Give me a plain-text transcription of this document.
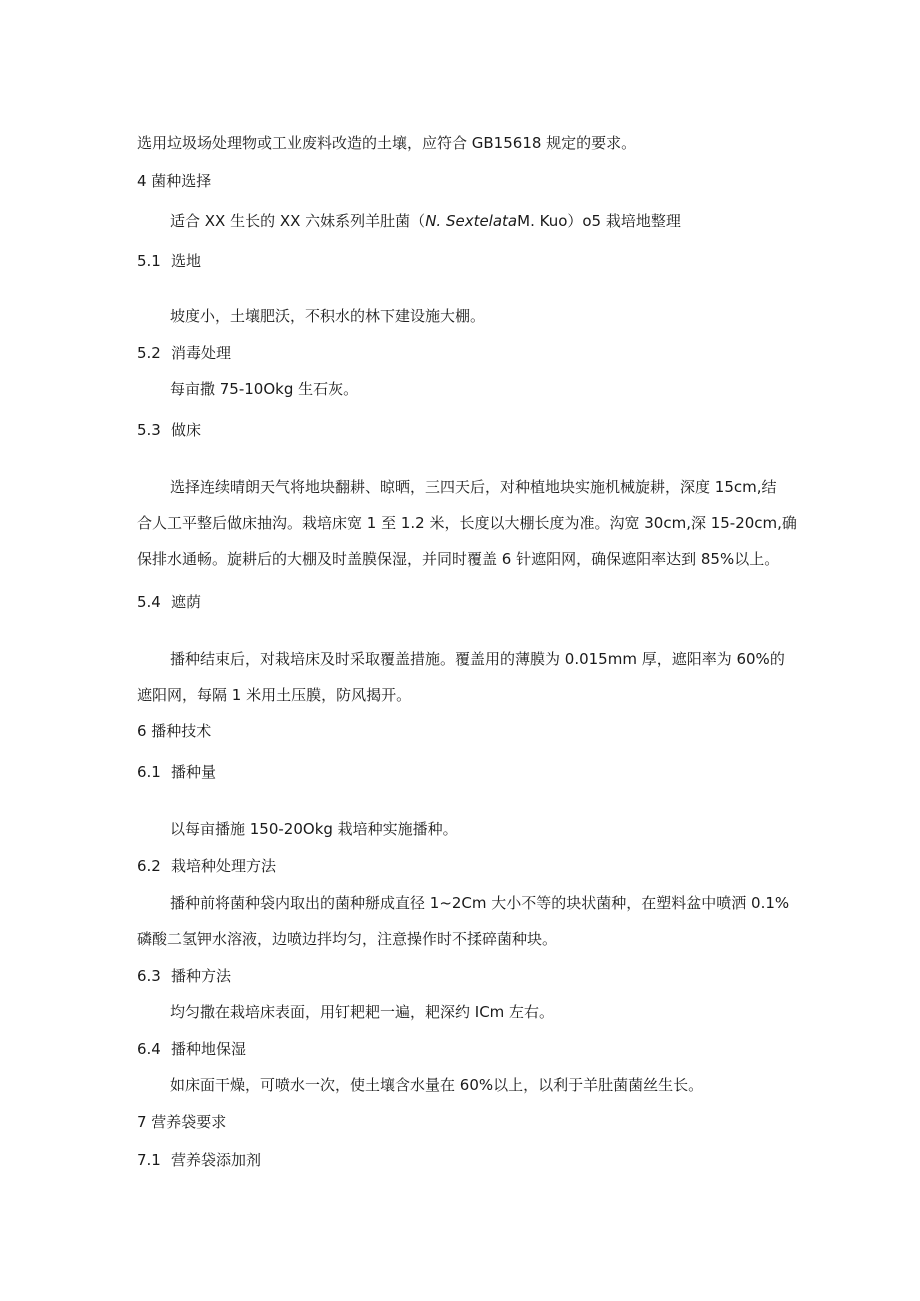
选用垃圾场处理物或工业废料改造的土壤，应符合 GB15618 规定的要求。
4 菌种选择
适合 XX 生长的 XX 六妹系列羊肚菌（N. SextelataM. Kuo）o5 栽培地整理
5.1 选地
坡度小，土壤肥沃，不积水的林下建设施大棚。
5.2 消毒处理
每亩撒 75-10Okg 生石灰。
5.3 做床
选择连续晴朗天气将地块翻耕、晾晒，三四天后，对种植地块实施机械旋耕，深度 15cm,结
合人工平整后做床抽沟。栽培床宽 1 至 1.2 米，长度以大棚长度为准。沟宽 30cm,深 15-20cm,确
保排水通畅。旋耕后的大棚及时盖膜保湿，并同时覆盖 6 针遮阳网，确保遮阳率达到 85%以上。
5.4 遮荫
播种结束后，对栽培床及时采取覆盖措施。覆盖用的薄膜为 0.015mm 厚，遮阳率为 60%的
遮阳网，每隔 1 米用土压膜，防风揭开。
6 播种技术
6.1 播种量
以每亩播施 150-20Okg 栽培种实施播种。
6.2 栽培种处理方法
播种前将菌种袋内取出的菌种掰成直径 1~2Cm 大小不等的块状菌种，在塑料盆中喷洒 0.1%
磷酸二氢钾水溶液，边喷边拌均匀，注意操作时不揉碎菌种块。
6.3 播种方法
均匀撒在栽培床表面，用钉耙耙一遍，耙深约 ICm 左右。
6.4 播种地保湿
如床面干燥，可喷水一次，使土壤含水量在 60%以上，以利于羊肚菌菌丝生长。
7 营养袋要求
7.1 营养袋添加剂
